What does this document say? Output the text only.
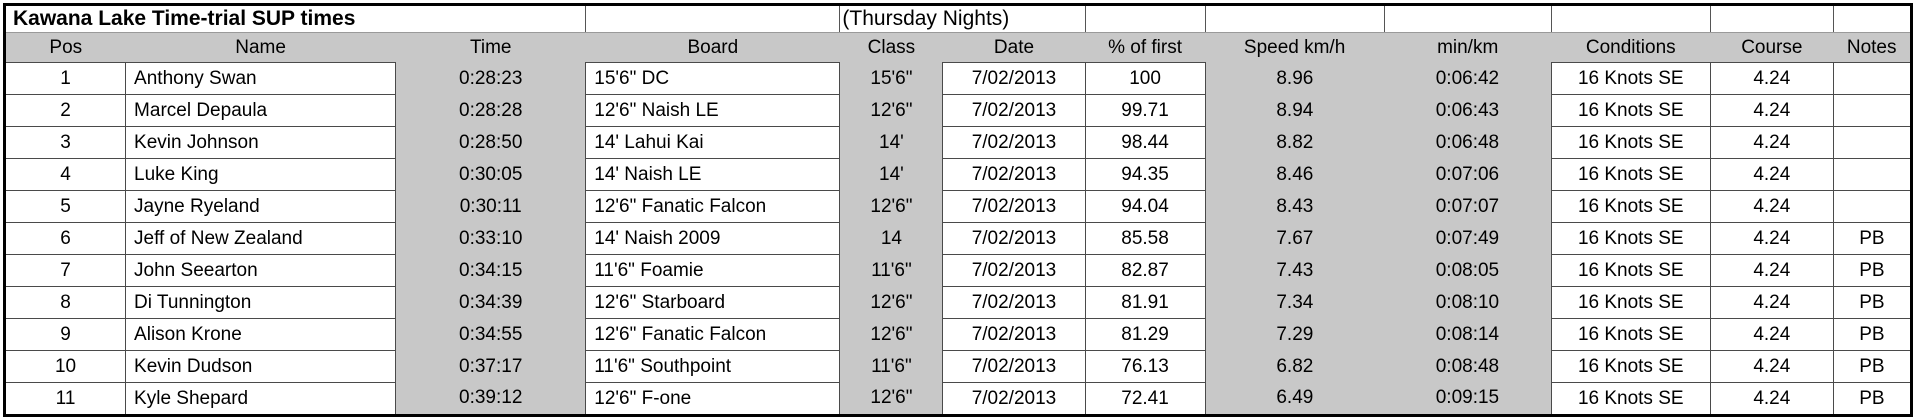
Kawana Lake Time-trial SUP times				(Thursday Nights)							
Pos	Name	Time	Board	Class	Date	% of first	Speed km/h	min/km	Conditions	Course	Notes
1	Anthony Swan	0:28:23	15'6" DC	15'6"	7/02/2013	100	8.96	0:06:42	16 Knots SE	4.24	
2	Marcel Depaula	0:28:28	12'6" Naish LE	12'6"	7/02/2013	99.71	8.94	0:06:43	16 Knots SE	4.24	
3	Kevin Johnson	0:28:50	14' Lahui Kai	14'	7/02/2013	98.44	8.82	0:06:48	16 Knots SE	4.24	
4	Luke King	0:30:05	14' Naish LE	14'	7/02/2013	94.35	8.46	0:07:06	16 Knots SE	4.24	
5	Jayne Ryeland	0:30:11	12'6" Fanatic Falcon	12'6"	7/02/2013	94.04	8.43	0:07:07	16 Knots SE	4.24	
6	Jeff of New Zealand	0:33:10	14' Naish 2009	14	7/02/2013	85.58	7.67	0:07:49	16 Knots SE	4.24	PB
7	John Seearton	0:34:15	11'6" Foamie	11'6"	7/02/2013	82.87	7.43	0:08:05	16 Knots SE	4.24	PB
8	Di Tunnington	0:34:39	12'6" Starboard	12'6"	7/02/2013	81.91	7.34	0:08:10	16 Knots SE	4.24	PB
9	Alison Krone	0:34:55	12'6" Fanatic Falcon	12'6"	7/02/2013	81.29	7.29	0:08:14	16 Knots SE	4.24	PB
10	Kevin Dudson	0:37:17	11'6" Southpoint	11'6"	7/02/2013	76.13	6.82	0:08:48	16 Knots SE	4.24	PB
11	Kyle Shepard	0:39:12	12'6" F-one	12'6"	7/02/2013	72.41	6.49	0:09:15	16 Knots SE	4.24	PB
